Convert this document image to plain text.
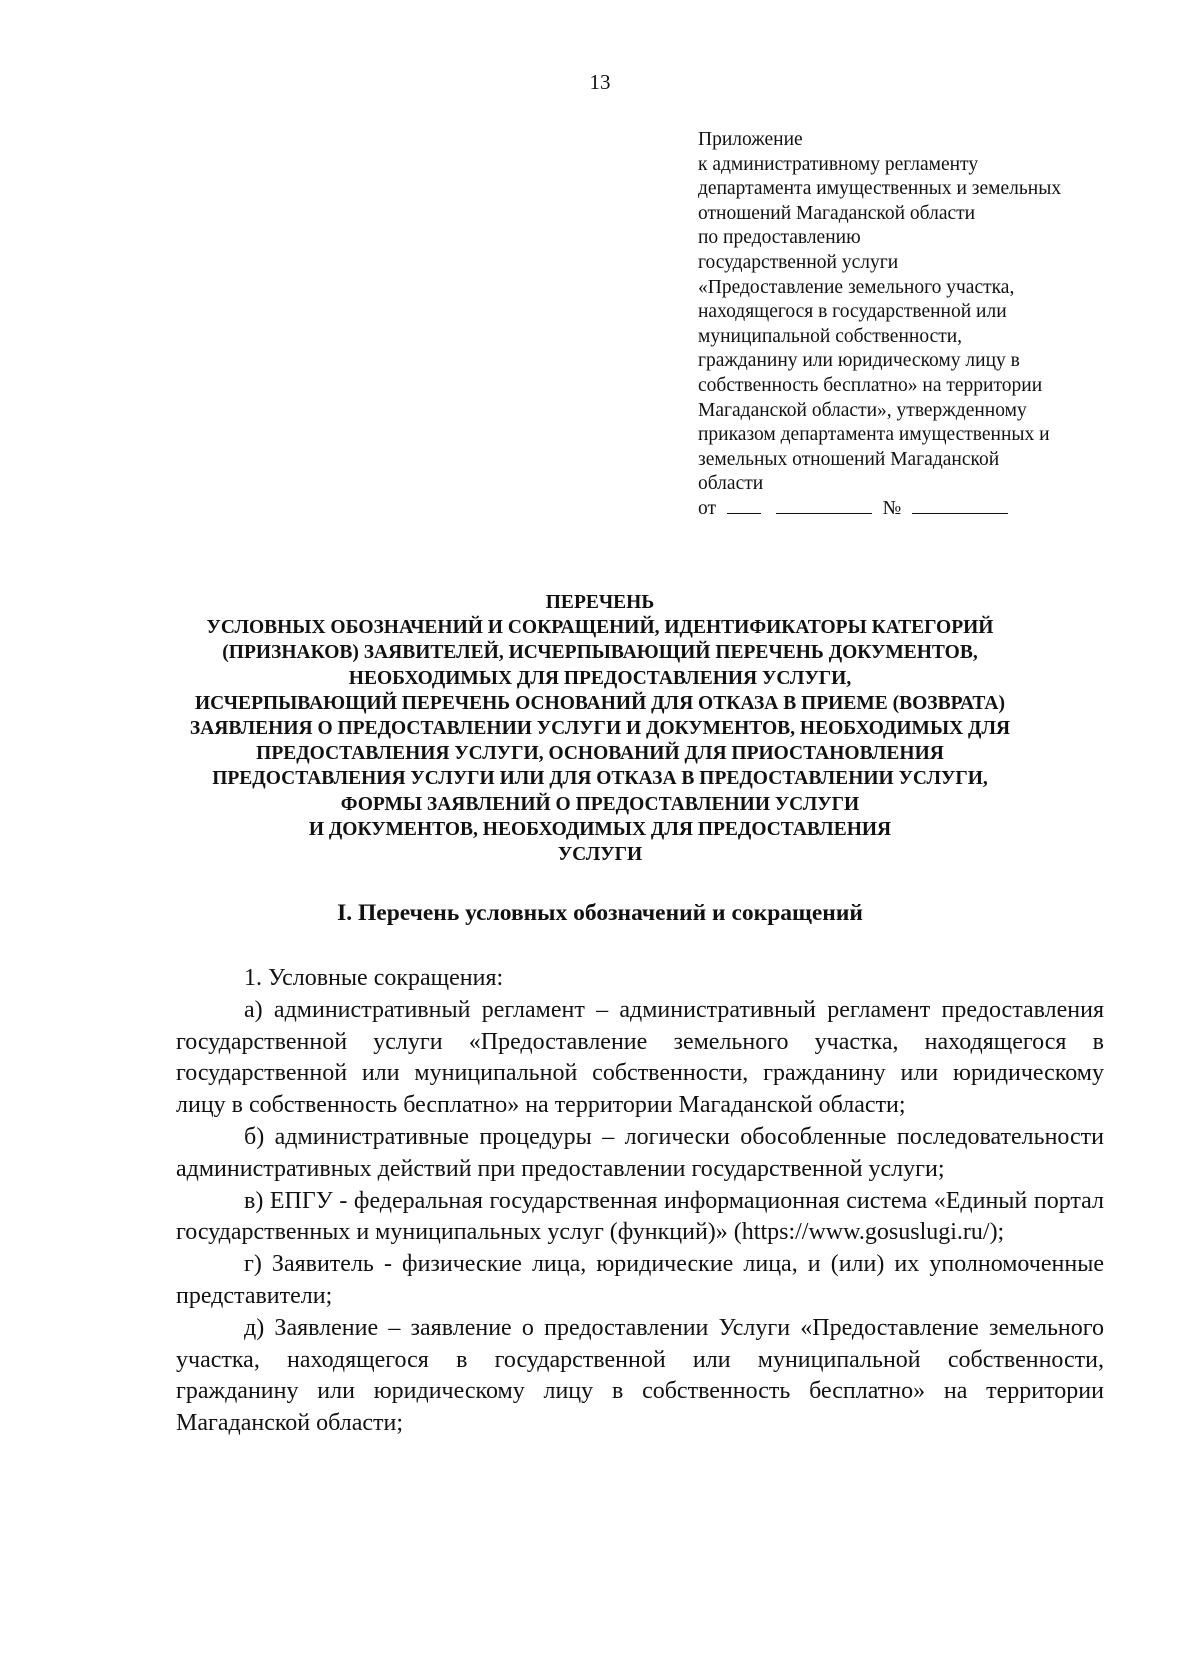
13
Приложение
к административному регламенту
департамента имущественных и земельных
отношений Магаданской области
по предоставлению
государственной услуги
«Предоставление земельного участка,
находящегося в государственной или
муниципальной собственности,
гражданину или юридическому лицу в
собственность бесплатно» на территории
Магаданской области», утвержденному
приказом департамента имущественных и
земельных отношений Магаданской
области
от	№
ПЕРЕЧЕНЬ
УСЛОВНЫХ ОБОЗНАЧЕНИЙ И СОКРАЩЕНИЙ, ИДЕНТИФИКАТОРЫ КАТЕГОРИЙ
(ПРИЗНАКОВ) ЗАЯВИТЕЛЕЙ, ИСЧЕРПЫВАЮЩИЙ ПЕРЕЧЕНЬ ДОКУМЕНТОВ,
НЕОБХОДИМЫХ ДЛЯ ПРЕДОСТАВЛЕНИЯ УСЛУГИ,
ИСЧЕРПЫВАЮЩИЙ ПЕРЕЧЕНЬ ОСНОВАНИЙ ДЛЯ ОТКАЗА В ПРИЕМЕ (ВОЗВРАТА)
ЗАЯВЛЕНИЯ О ПРЕДОСТАВЛЕНИИ УСЛУГИ И ДОКУМЕНТОВ, НЕОБХОДИМЫХ ДЛЯ
ПРЕДОСТАВЛЕНИЯ УСЛУГИ, ОСНОВАНИЙ ДЛЯ ПРИОСТАНОВЛЕНИЯ
ПРЕДОСТАВЛЕНИЯ УСЛУГИ ИЛИ ДЛЯ ОТКАЗА В ПРЕДОСТАВЛЕНИИ УСЛУГИ,
ФОРМЫ ЗАЯВЛЕНИЙ О ПРЕДОСТАВЛЕНИИ УСЛУГИ
И ДОКУМЕНТОВ, НЕОБХОДИМЫХ ДЛЯ ПРЕДОСТАВЛЕНИЯ
УСЛУГИ
I. Перечень условных обозначений и сокращений

1. Условные сокращения:

а) административный регламент – административный регламент предоставления государственной услуги «Предоставление земельного участка, находящегося в государственной или муниципальной собственности, гражданину или юридическому лицу в собственность бесплатно» на территории Магаданской области;

б) административные процедуры – логически обособленные последовательности административных действий при предоставлении государственной услуги;

в) ЕПГУ - федеральная государственная информационная система «Единый портал государственных и муниципальных услуг (функций)» (https://www.gosuslugi.ru/);

г) Заявитель - физические лица, юридические лица, и (или) их уполномоченные представители;

д) Заявление – заявление о предоставлении Услуги «Предоставление земельного участка, находящегося в государственной или муниципальной собственности, гражданину или юридическому лицу в собственность бесплатно» на территории Магаданской области;
